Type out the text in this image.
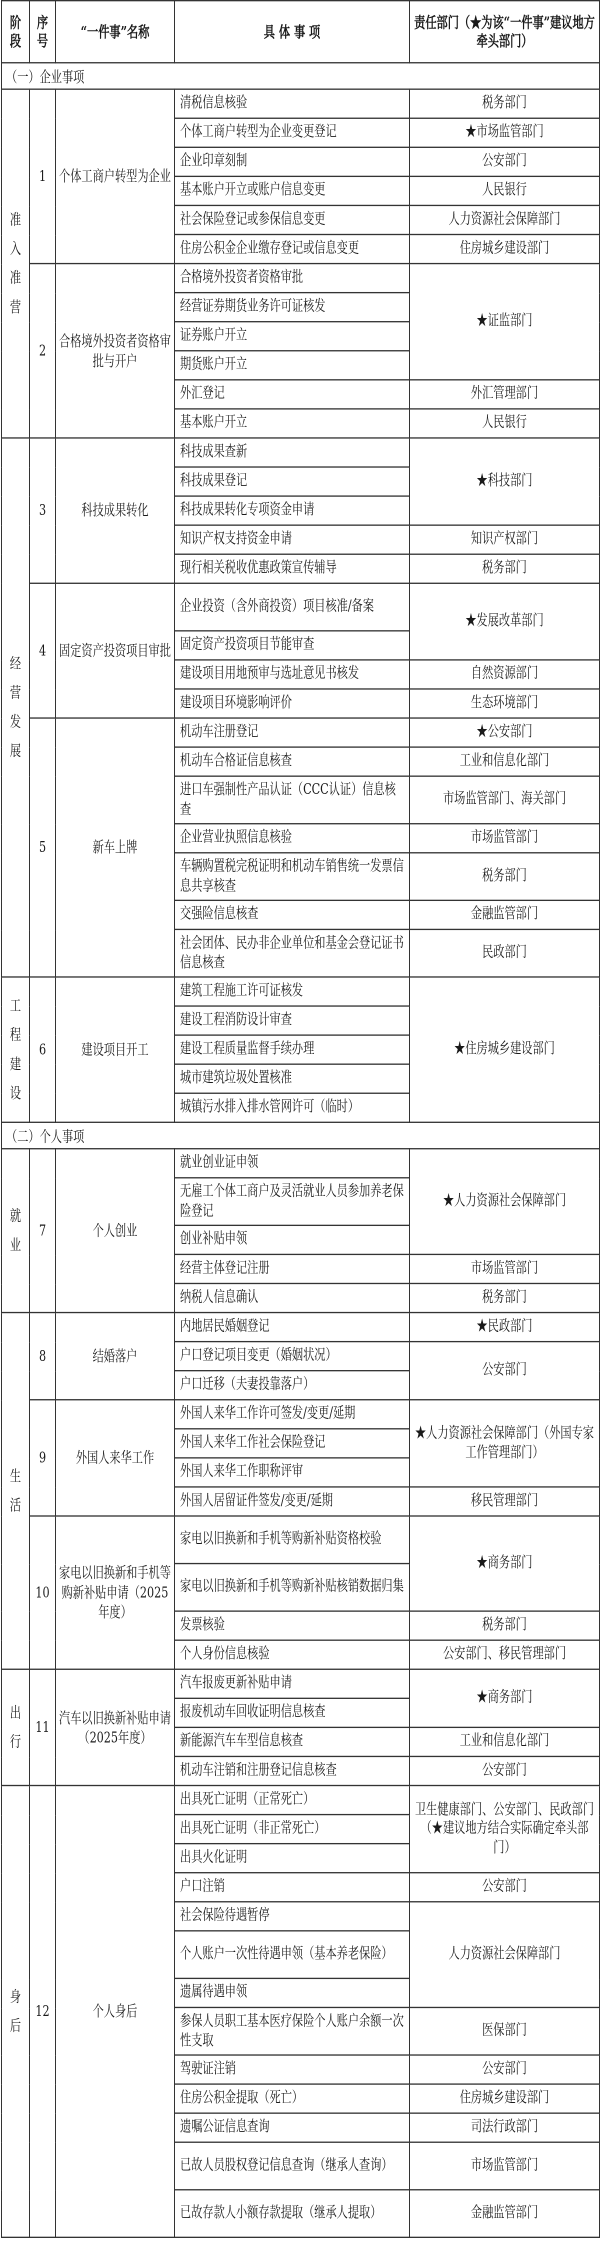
阶段	序号	“一件事”名称	具 体 事 项	责任部门（★为该“一件事”建议地方牵头部门）
（一）企业事项				
准入准营	1	个体工商户转型为企业	清税信息核验	税务部门
			个体工商户转型为企业变更登记	★市场监管部门
			企业印章刻制	公安部门
			基本账户开立或账户信息变更	人民银行
			社会保险登记或参保信息变更	人力资源社会保障部门
			住房公积金企业缴存登记或信息变更	住房城乡建设部门
	2	合格境外投资者资格审批与开户	合格境外投资者资格审批	★证监部门
			经营证券期货业务许可证核发	
			证券账户开立	
			期货账户开立	
			外汇登记	外汇管理部门
			基本账户开立	人民银行
经营发展	3	科技成果转化	科技成果查新	★科技部门
			科技成果登记	
			科技成果转化专项资金申请	
			知识产权支持资金申请	知识产权部门
			现行相关税收优惠政策宣传辅导	税务部门
	4	固定资产投资项目审批	企业投资（含外商投资）项目核准/备案	★发展改革部门
			固定资产投资项目节能审查	
			建设项目用地预审与选址意见书核发	自然资源部门
			建设项目环境影响评价	生态环境部门
	5	新车上牌	机动车注册登记	★公安部门
			机动车合格证信息核查	工业和信息化部门
			进口车强制性产品认证（CCC认证）信息核查	市场监管部门、海关部门
			企业营业执照信息核验	市场监管部门
			车辆购置税完税证明和机动车销售统一发票信息共享核查	税务部门
			交强险信息核查	金融监管部门
			社会团体、民办非企业单位和基金会登记证书信息核查	民政部门
工程建设	6	建设项目开工	建筑工程施工许可证核发	★住房城乡建设部门
			建设工程消防设计审查	
			建设工程质量监督手续办理	
			城市建筑垃圾处置核准	
			城镇污水排入排水管网许可（临时）	
（二）个人事项				
就业	7	个人创业	就业创业证申领	★人力资源社会保障部门
			无雇工个体工商户及灵活就业人员参加养老保险登记	
			创业补贴申领	
			经营主体登记注册	市场监管部门
			纳税人信息确认	税务部门
生活	8	结婚落户	内地居民婚姻登记	★民政部门
			户口登记项目变更（婚姻状况）	公安部门
			户口迁移（夫妻投靠落户）	
	9	外国人来华工作	外国人来华工作许可签发/变更/延期	★人力资源社会保障部门（外国专家工作管理部门）
			外国人来华工作社会保险登记	
			外国人来华工作职称评审	
			外国人居留证件签发/变更/延期	移民管理部门
	10	家电以旧换新和手机等购新补贴申请（2025年度）	家电以旧换新和手机等购新补贴资格校验	★商务部门
			家电以旧换新和手机等购新补贴核销数据归集	
			发票核验	税务部门
			个人身份信息核验	公安部门、移民管理部门
出行	11	汽车以旧换新补贴申请（2025年度）	汽车报废更新补贴申请	★商务部门
			报废机动车回收证明信息核查	
			新能源汽车车型信息核查	工业和信息化部门
			机动车注销和注册登记信息核查	公安部门
身后	12	个人身后	出具死亡证明（正常死亡）	卫生健康部门、公安部门、民政部门（★建议地方结合实际确定牵头部门）
			出具死亡证明（非正常死亡）	
			出具火化证明	
			户口注销	公安部门
			社会保险待遇暂停	人力资源社会保障部门
			个人账户一次性待遇申领（基本养老保险）	
			遗属待遇申领	
			参保人员职工基本医疗保险个人账户余额一次性支取	医保部门
			驾驶证注销	公安部门
			住房公积金提取（死亡）	住房城乡建设部门
			遗嘱公证信息查询	司法行政部门
			已故人员股权登记信息查询（继承人查询）	市场监管部门
			已故存款人小额存款提取（继承人提取）	金融监管部门
